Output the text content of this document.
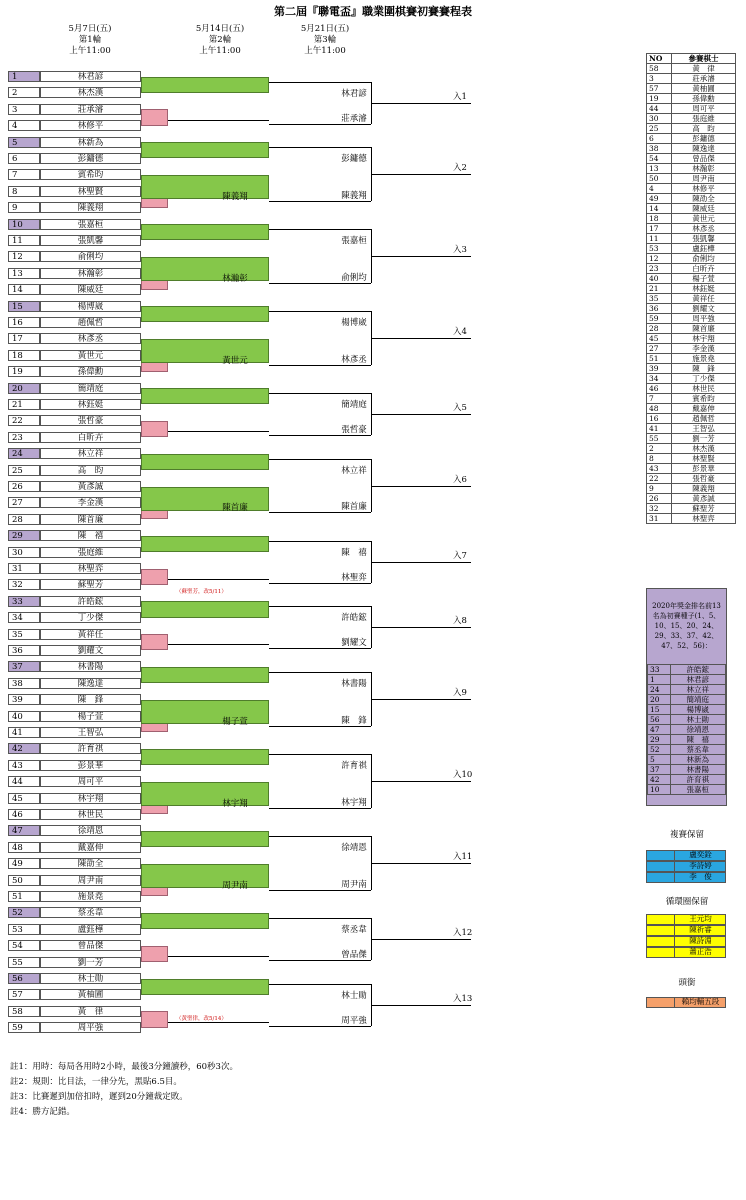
第二屆『聯電盃』職業圍棋賽初賽賽程表
5月7日(五)
第1輪
上午11:00
5月14日(五)
第2輪
上午11:00
5月21日(五)
第3輪
上午11:00
1	林君諺
2	林杰漢
3	莊承濬
4	林修平
5	林新為
6	彭鏞德
7	賓希昀
8	林聖賢
9	陳義翔
10	張嘉桓
11	張凱馨
12	俞俐均
13	林瀚彰
14	陳威廷
15	楊博崴
16	趙佩哲
17	林彥丞
18	黃世元
19	孫偉勳
20	簡靖庭
21	林鈺娗
22	張哲豪
23	白昕卉
24	林立祥
25	高　昀
26	黃彥誠
27	李金漢
28	陳首廉
29	陳　禧
30	張庭維
31	林聖弈
32	蘇聖芳
33	許皓鋐
34	丁少傑
35	黃祥任
36	劉耀文
37	林書陽
38	陳逸達
39	陳　鋒
40	楊子萱
41	王智弘
42	許育祺
43	彭景華
44	周可平
45	林宇翔
46	林世民
47	徐靖恩
48	戴嘉伸
49	陳劭全
50	周尹南
51	施景堯
52	蔡丞韋
53	盧鈺樺
54	曾品傑
55	劉一芳
56	林士勛
57	黃柚圃
58	黃　律
59	周平強
林君諺
莊承濬
入1
陳義翔
彭鏞德
陳義翔
入2
林瀚彰
張嘉桓
俞俐均
入3
黃世元
楊博崴
林彥丞
入4
簡靖庭
張哲豪
入5
陳首廉
林立祥
陳首廉
入6
陳　禧
林聖弈
入7
許皓鋐
劉耀文
入8
楊子萱
林書陽
陳　鋒
入9
林宇翔
許育祺
林宇翔
入10
周尹南
徐靖恩
周尹南
入11
蔡丞韋
曾品傑
入12
林士勛
周平強
入13
（蘇聖芳，改5/11）
（黃聖律，改5/14）
註1：用時：每局各用時2小時，最後3分鐘讀秒，60秒3次。
註2：規則：比目法，一律分先，黑貼6.5目。
註3：比賽遲到加倍扣時，遲到20分鐘裁定敗。
註4：勝方記錯。
NO	參賽棋士
58	黃　律
3	莊承濬
57	黃柚圃
19	孫偉勳
44	周可平
30	張庭維
25	高　昀
6	彭鏞德
38	陳逸達
54	曾品傑
13	林瀚彰
50	周尹南
4	林修平
49	陳劭全
14	陳威廷
18	黃世元
17	林彥丞
11	張凱馨
53	盧鈺樺
12	俞俐均
23	白昕卉
40	楊子萱
21	林鈺娗
35	黃祥任
36	劉耀文
59	周平強
28	陳首廉
45	林宇翔
27	李金漢
51	施景堯
39	陳　鋒
34	丁少傑
46	林世民
7	賓希昀
48	戴嘉伸
16	趙佩哲
41	王智弘
55	劉一芳
2	林杰漢
8	林聖賢
43	彭景華
22	張哲豪
9	陳義翔
26	黃彥誠
32	蘇聖芳
31	林聖弈
2020年獎金排名前13名為初賽種子(1、5、10、15、20、24、29、33、37、42、47、52、56)：
33	許皓鋐
1	林君諺
24	林立祥
20	簡靖庭
15	楊博崴
56	林士勛
47	徐靖恩
29	陳　禧
52	蔡丞韋
5	林新為
37	林書陽
42	許育祺
10	張嘉桓
複賽保留
盧奕銓
李詩婷
李　俊
循環圈保留
王元均
陳祈睿
陳詩淵
蕭正浩
頭銜
賴均輔五段
